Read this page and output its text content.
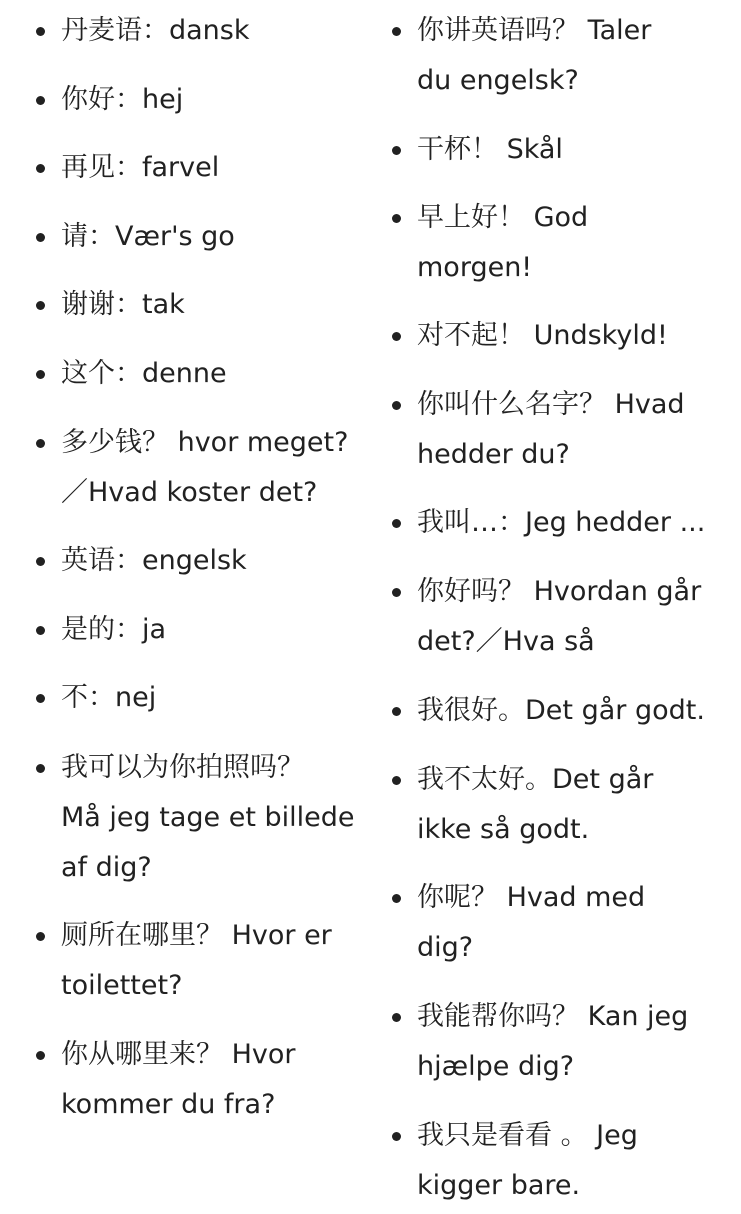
丹麦语：dansk
你好：hej
再见：farvel
请：Vær's go
谢谢：tak
这个：denne
多少钱？ hvor meget?
／Hvad koster det?
英语：engelsk
是的：ja
不：nej
我可以为你拍照吗？
Må jeg tage et billede
af dig?
厕所在哪里？ Hvor er
toilettet?
你从哪里来？ Hvor
kommer du fra?
你讲英语吗？ Taler
du engelsk?
干杯！ Skål
早上好！ God
morgen!
对不起！ Undskyld!
你叫什么名字？ Hvad
hedder du?
我叫…：Jeg hedder ...
你好吗？ Hvordan går
det?／Hva så
我很好。Det går godt.
我不太好。Det går
ikke så godt.
你呢？ Hvad med
dig?
我能帮你吗？ Kan jeg
hjælpe dig?
我只是看看 。 Jeg
kigger bare.
